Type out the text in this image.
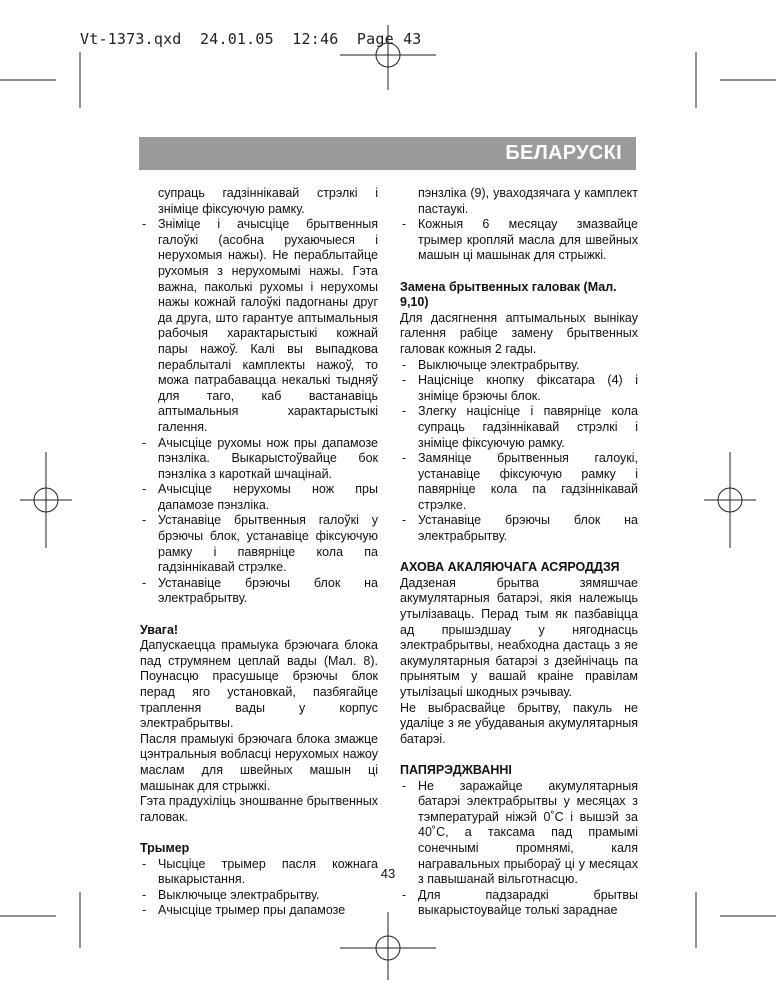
Vt-1373.qxd  24.01.05  12:46  Page 43
БЕЛАРУСКІ

супраць гадзіннікавай стрэлкі і зніміце фіксуючую рамку.

- Зніміце і ачысціце брытвенныя галоўкі (асобна рухаючыеся і нерухомыя нажы). Не пераблытайце рухомыя з нерухомымі нажы. Гэта важна, паколькі рухомы і нерухомы нажы кожнай галоўкі падогнаны друг да друга, што гарантуе аптымальныя рабочыя характарыстыкі кожнай пары нажоў. Калі вы выпадкова пераблыталі камплекты нажоў, то можа патрабавацца некалькі тыдняў для таго, каб вастанавіць аптымальныя характарыстыкі галення.

- Ачысціце рухомы нож пры дапамозе пэнзліка. Выкарыстоўвайце бок пэнзліка з кароткай шчацінай.

- Ачысціце нерухомы нож пры дапамозе пэнзліка.

- Устанавіце брытвенныя галоўкі у брэючы блок, устанавіце фіксуючую рамку і павярніце кола па гадзіннікавай стрэлке.

- Устанавіце брэючы блок на электрабрытву.

Увага!

Дапускаецца прамыука брэючага блока пад струмянем цеплай вады (Мал. 8). Поунасцю прасушыце брэючы блок перад яго установкай, пазбягайце траплення вады у корпус электрабрытвы.

Пасля прамыукі брэючага блока змажце цэнтральныя вобласці нерухомых нажоу маслам для швейных машын ці машынак для стрыжкі.

Гэта прадухіліць зношванне брытвенных галовак.

Трымер

- Чысціце трымер пасля кожнага выкарыстання.

- Выключыце электрабрытву.

- Ачысціце трымер пры дапамозе

пэнзліка (9), уваходзячага у камплект пастаукі.

- Кожныя 6 месяцау змазвайце трымер кропляй масла для швейных машын ці машынак для стрыжкі.

Замена брытвенных галовак (Мал. 9,10)

Для дасягнення аптымальных вынікау галення рабіце замену брытвенных галовак кожныя 2 гады.

- Выключыце электрабрытву.

- Націсніце кнопку фіксатара (4) і зніміце брэючы блок.

- Злегку націсніце і павярніце кола супраць гадзіннікавай стрэлкі і зніміце фіксуючую рамку.

- Замяніце брытвенныя галоукі, устанавіце фіксуючую рамку і павярніце кола па гадзіннікавай стрэлке.

- Устанавіце брэючы блок на электрабрытву.

АХОВА АКАЛЯЮЧАГА АСЯРОДДЗЯ

Дадзеная брытва зямяшчае акумулятарныя батарэі, якія належыць утылізаваць. Перад тым як пазбавіцца ад прышэдшау у нягоднасць электрабрытвы, неабходна дастаць з яе акумулятарныя батарэі з дзейнічаць па прынятым у вашай краіне правілам утылізацыі шкодных рэчывау.

Не выбрасвайце брытву, пакуль не удаліце з яе убудаваныя акумулятарныя батарэі.

ПАПЯРЭДЖВАННІ

- Не заражайце акумулятарныя батарэі электрабрытвы у месяцах з тэмпературай ніжэй 0˚С і вышэй за 40˚С, а таксама пад прамымі сонечнымі промнямі, каля награвальных прыбораў ці у месяцах з павышанай вільготнасцю.

- Для падзарадкі брытвы выкарыстоувайце толькі зараднае

43
